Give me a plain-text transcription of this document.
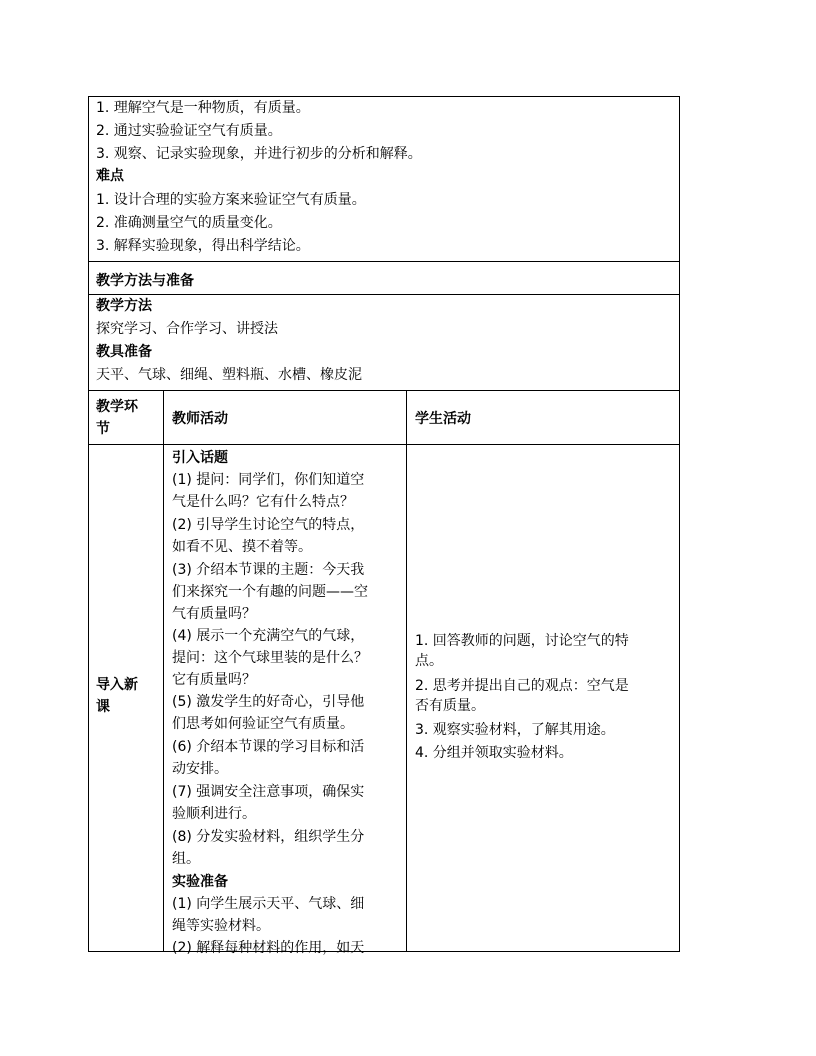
1. 理解空气是一种物质，有质量。
2. 通过实验验证空气有质量。
3. 观察、记录实验现象，并进行初步的分析和解释。
难点
1. 设计合理的实验方案来验证空气有质量。
2. 准确测量空气的质量变化。
3. 解释实验现象，得出科学结论。
教学方法与准备
教学方法
探究学习、合作学习、讲授法
教具准备
天平、气球、细绳、塑料瓶、水槽、橡皮泥
教学环
节
教师活动	学生活动
导入新
课
引入话题
(1) 提问：同学们，你们知道空
气是什么吗？它有什么特点？
(2) 引导学生讨论空气的特点，
如看不见、摸不着等。
(3) 介绍本节课的主题：今天我
们来探究一个有趣的问题——空
气有质量吗？
(4) 展示一个充满空气的气球，
提问：这个气球里装的是什么？
它有质量吗？
(5) 激发学生的好奇心，引导他
们思考如何验证空气有质量。
(6) 介绍本节课的学习目标和活
动安排。
(7) 强调安全注意事项，确保实
验顺利进行。
(8) 分发实验材料，组织学生分
组。
实验准备
(1) 向学生展示天平、气球、细
绳等实验材料。
(2) 解释每种材料的作用，如天
1. 回答教师的问题，讨论空气的特
点。
2. 思考并提出自己的观点：空气是
否有质量。
3. 观察实验材料，了解其用途。
4. 分组并领取实验材料。
